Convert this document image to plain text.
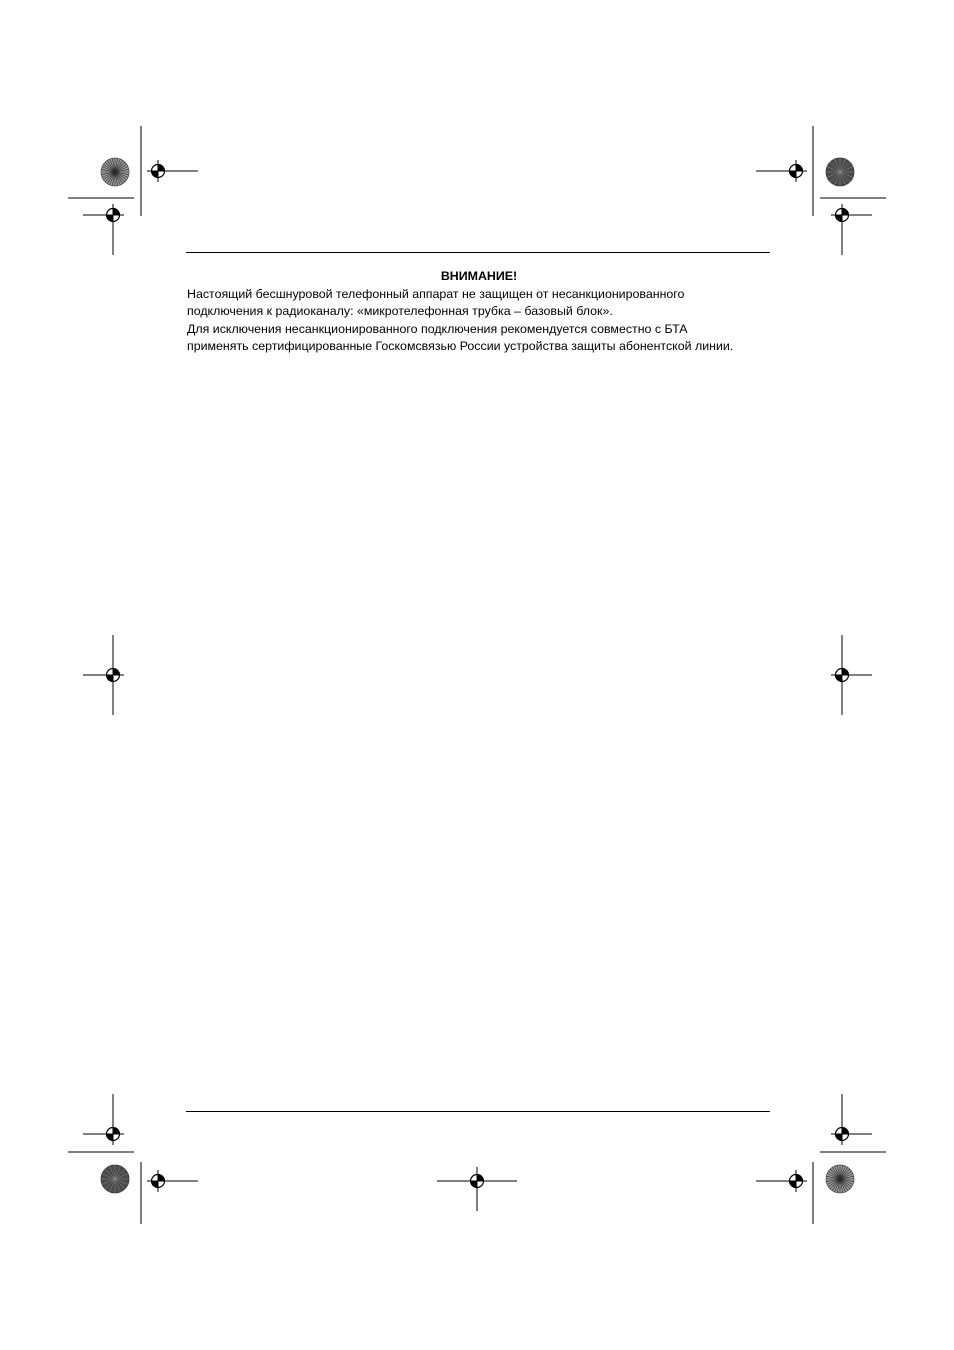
ВНИМАНИЕ!

Настоящий бесшнуровой телефонный аппарат не защищен от несанкционированного

подключения к радиоканалу: «микротелефонная трубка – базовый блок».

Для исключения несанкционированного подключения рекомендуется совместно с БТА

применять сертифицированные Госкомсвязью России устройства защиты абонентской линии.
